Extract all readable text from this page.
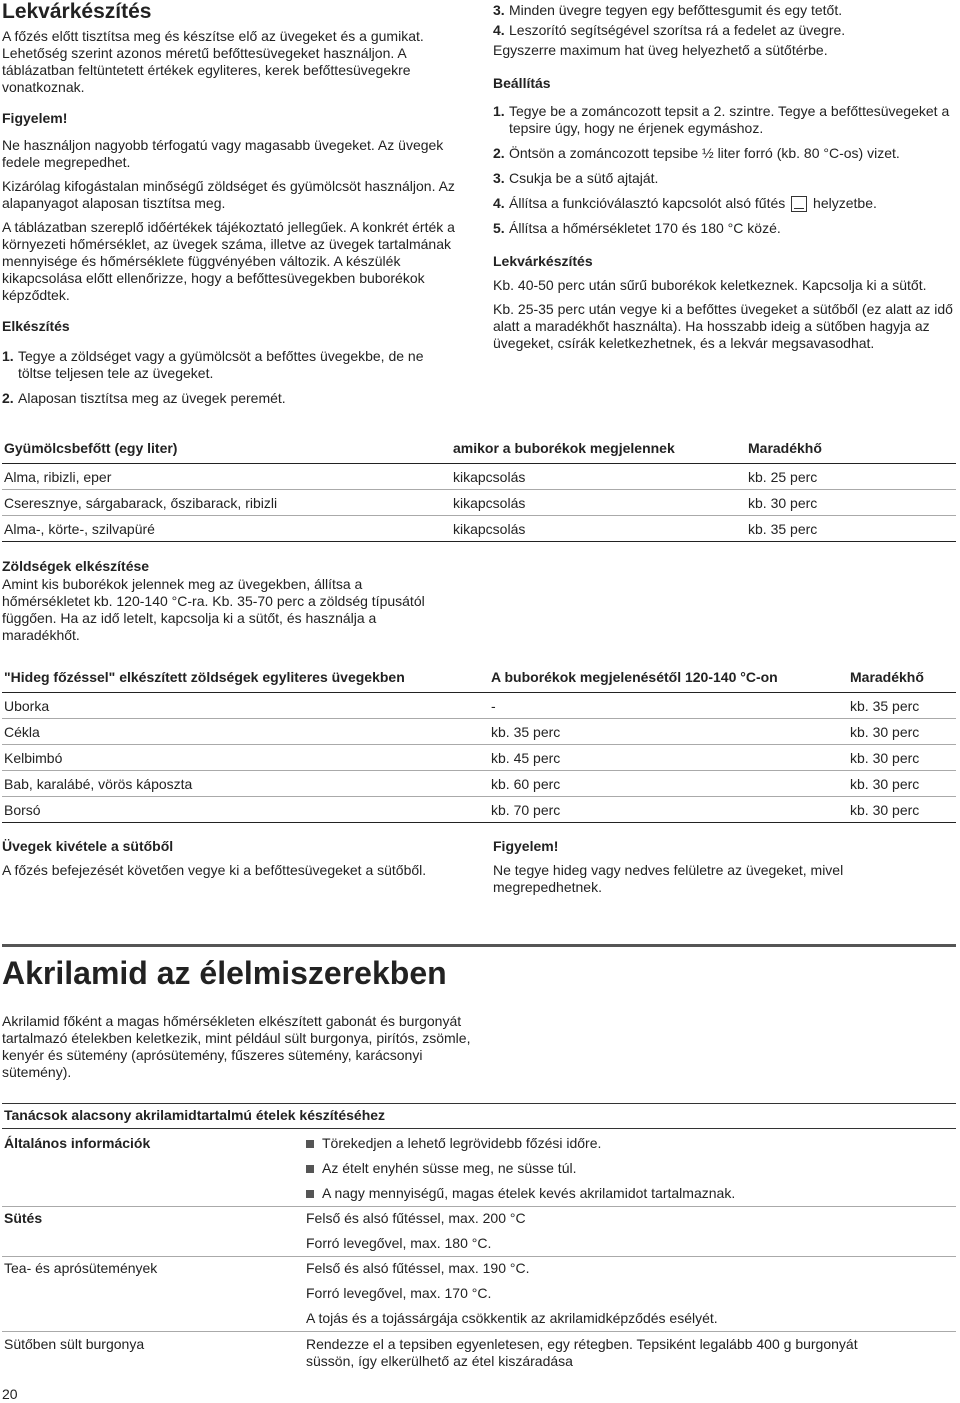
Lekvárkészítés

A főzés előtt tisztítsa meg és készítse elő az üvegeket és a gumikat. Lehetőség szerint azonos méretű befőttesüvegeket használjon. A táblázatban feltüntetett értékek egyliteres, kerek befőttesüvegekre vonatkoznak.

Figyelem!

Ne használjon nagyobb térfogatú vagy magasabb üvegeket. Az üvegek fedele megrepedhet.

Kizárólag kifogástalan minőségű zöldséget és gyümölcsöt használjon. Az alapanyagot alaposan tisztítsa meg.

A táblázatban szereplő időértékek tájékoztató jellegűek. A konkrét érték a környezeti hőmérséklet, az üvegek száma, illetve az üvegek tartalmának mennyisége és hőmérséklete függvényében változik. A készülék kikapcsolása előtt ellenőrizze, hogy a befőttesüvegekben buborékok képződtek.

Elkészítés

1. Tegye a zöldséget vagy a gyümölcsöt a befőttes üvegekbe, de ne töltse teljesen tele az üvegeket.
2. Alaposan tisztítsa meg az üvegek peremét.
3. Minden üvegre tegyen egy befőttesgumit és egy tetőt.
4. Leszorító segítségével szorítsa rá a fedelet az üvegre.

Egyszerre maximum hat üveg helyezhető a sütőtérbe.

Beállítás

1. Tegye be a zománcozott tepsit a 2. szintre. Tegye a befőttesüvegeket a tepsire úgy, hogy ne érjenek egymáshoz.
2. Öntsön a zománcozott tepsibe ½ liter forró (kb. 80 °C-os) vizet.
3. Csukja be a sütő ajtaját.
4. Állítsa a funkcióválasztó kapcsolót alsó fűtés helyzetbe.
5. Állítsa a hőmérsékletet 170 és 180 °C közé.

Lekvárkészítés

Kb. 40-50 perc után sűrű buborékok keletkeznek. Kapcsolja ki a sütőt.

Kb. 25-35 perc után vegye ki a befőttes üvegeket a sütőből (ez alatt az idő alatt a maradékhőt használta). Ha hosszabb ideig a sütőben hagyja az üvegeket, csírák keletkezhetnek, és a lekvár megsavasodhat.

Gyümölcsbefőtt (egy liter)	amikor a buborékok megjelennek	Maradékhő
Alma, ribizli, eper	kikapcsolás	kb. 25 perc
Cseresznye, sárgabarack, őszibarack, ribizli	kikapcsolás	kb. 30 perc
Alma-, körte-, szilvapüré	kikapcsolás	kb. 35 perc

Zöldségek elkészítése

Amint kis buborékok jelennek meg az üvegekben, állítsa a hőmérsékletet kb. 120-140 °C-ra. Kb. 35-70 perc a zöldség típusától függően. Ha az idő letelt, kapcsolja ki a sütőt, és használja a maradékhőt.

"Hideg főzéssel" elkészített zöldségek egyliteres üvegekben	A buborékok megjelenésétől 120-140 °C-on	Maradékhő
Uborka	-	kb. 35 perc
Cékla	kb. 35 perc	kb. 30 perc
Kelbimbó	kb. 45 perc	kb. 30 perc
Bab, karalábé, vörös káposzta	kb. 60 perc	kb. 30 perc
Borsó	kb. 70 perc	kb. 30 perc

Üvegek kivétele a sütőből

A főzés befejezését követően vegye ki a befőttesüvegeket a sütőből.

Figyelem!

Ne tegye hideg vagy nedves felületre az üvegeket, mivel megrepedhetnek.

Akrilamid az élelmiszerekben

Akrilamid főként a magas hőmérsékleten elkészített gabonát és burgonyát tartalmazó ételekben keletkezik, mint például sült burgonya, pirítós, zsömle, kenyér és sütemény (aprósütemény, fűszeres sütemény, karácsonyi sütemény).

Tanácsok alacsony akrilamidtartalmú ételek készítéséhez
Általános információk	Törekedjen a lehető legrövidebb főzési időre.
Az ételt enyhén süsse meg, ne süsse túl.
A nagy mennyiségű, magas ételek kevés akrilamidot tartalmaznak.
Sütés	Felső és alsó fűtéssel, max. 200 °C
Forró levegővel, max. 180 °C.
Tea- és aprósütemények	Felső és alsó fűtéssel, max. 190 °C.
Forró levegővel, max. 170 °C.
A tojás és a tojássárgája csökkentik az akrilamidképződés esélyét.
Sütőben sült burgonya	Rendezze el a tepsiben egyenletesen, egy rétegben. Tepsiként legalább 400 g burgonyát süssön, így elkerülhető az étel kiszáradása
20
